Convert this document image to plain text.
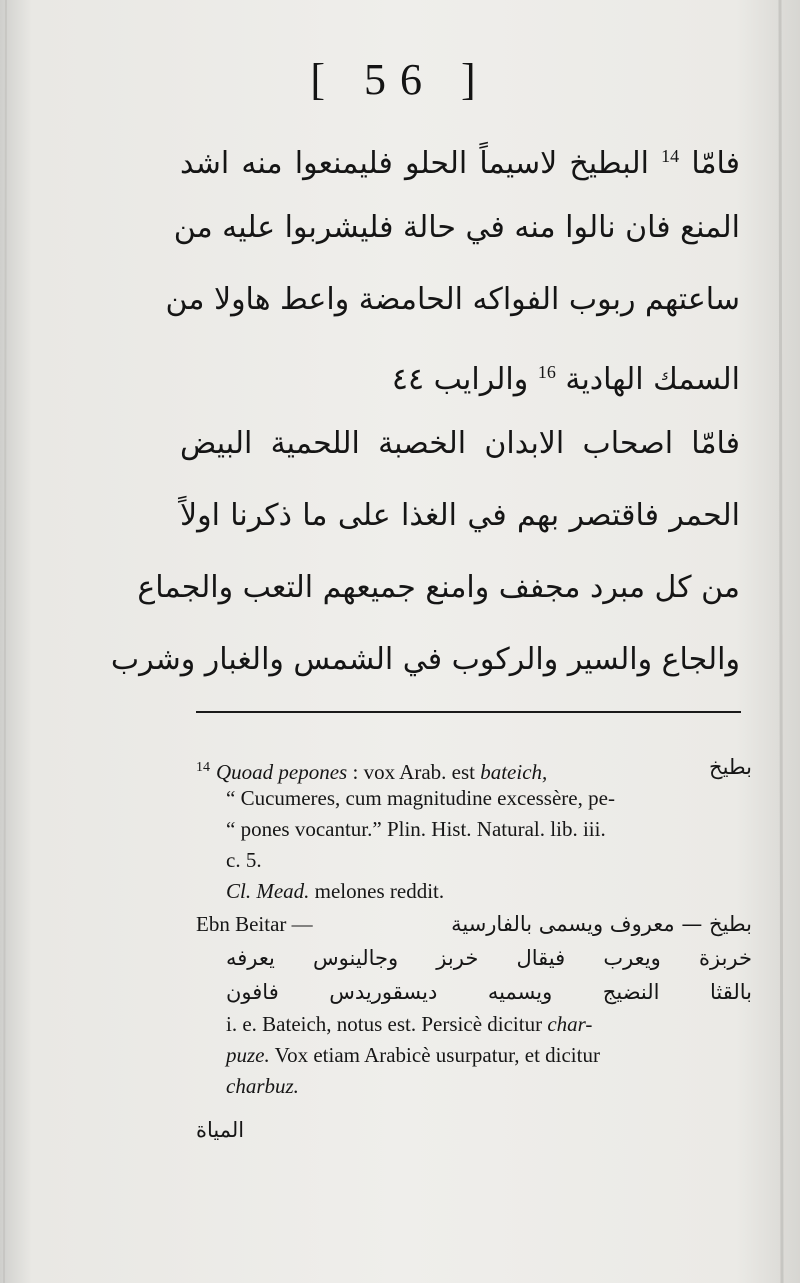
[ 56 ]
فامّا $^{14}$ البطيخ لاسيماً الحلو فليمنعوا منه اشد
المنع فان نالوا منه في حالة فليشربوا عليه من
ساعتهم ربوب الفواكه الحامضة واعط هاولا من
السمك الهادية $^{16}$ والرايب ٤٤
فامّا اصحاب الابدان الخصبة اللحمية البيض
الحمر فاقتصر بهم في الغذا على ما ذكرنا اولاً
من كل مبرد مجفف وامنع جميعهم التعب والجماع
والجاع والسير والركوب في الشمس والغبار وشرب
$^{14}$ Quoad pepones : vox Arab. est bateich,	بطيخ
“ Cucumeres, cum magnitudine excessère, pe-
“ pones vocantur.” Plin. Hist. Natural. lib. iii.
c. 5.
Cl. Mead. melones reddit.
Ebn Beitar —	بطيخ — معروف ويسمى بالفارسية
خربزة ويعرب فيقال خربز وجالينوس يعرفه
بالقثا النضيج ويسميه ديسقوريدس فافون
i. e. Bateich, notus est. Persicè dicitur char-
puze. Vox etiam Arabicè usurpatur, et dicitur
charbuz.
المياة
